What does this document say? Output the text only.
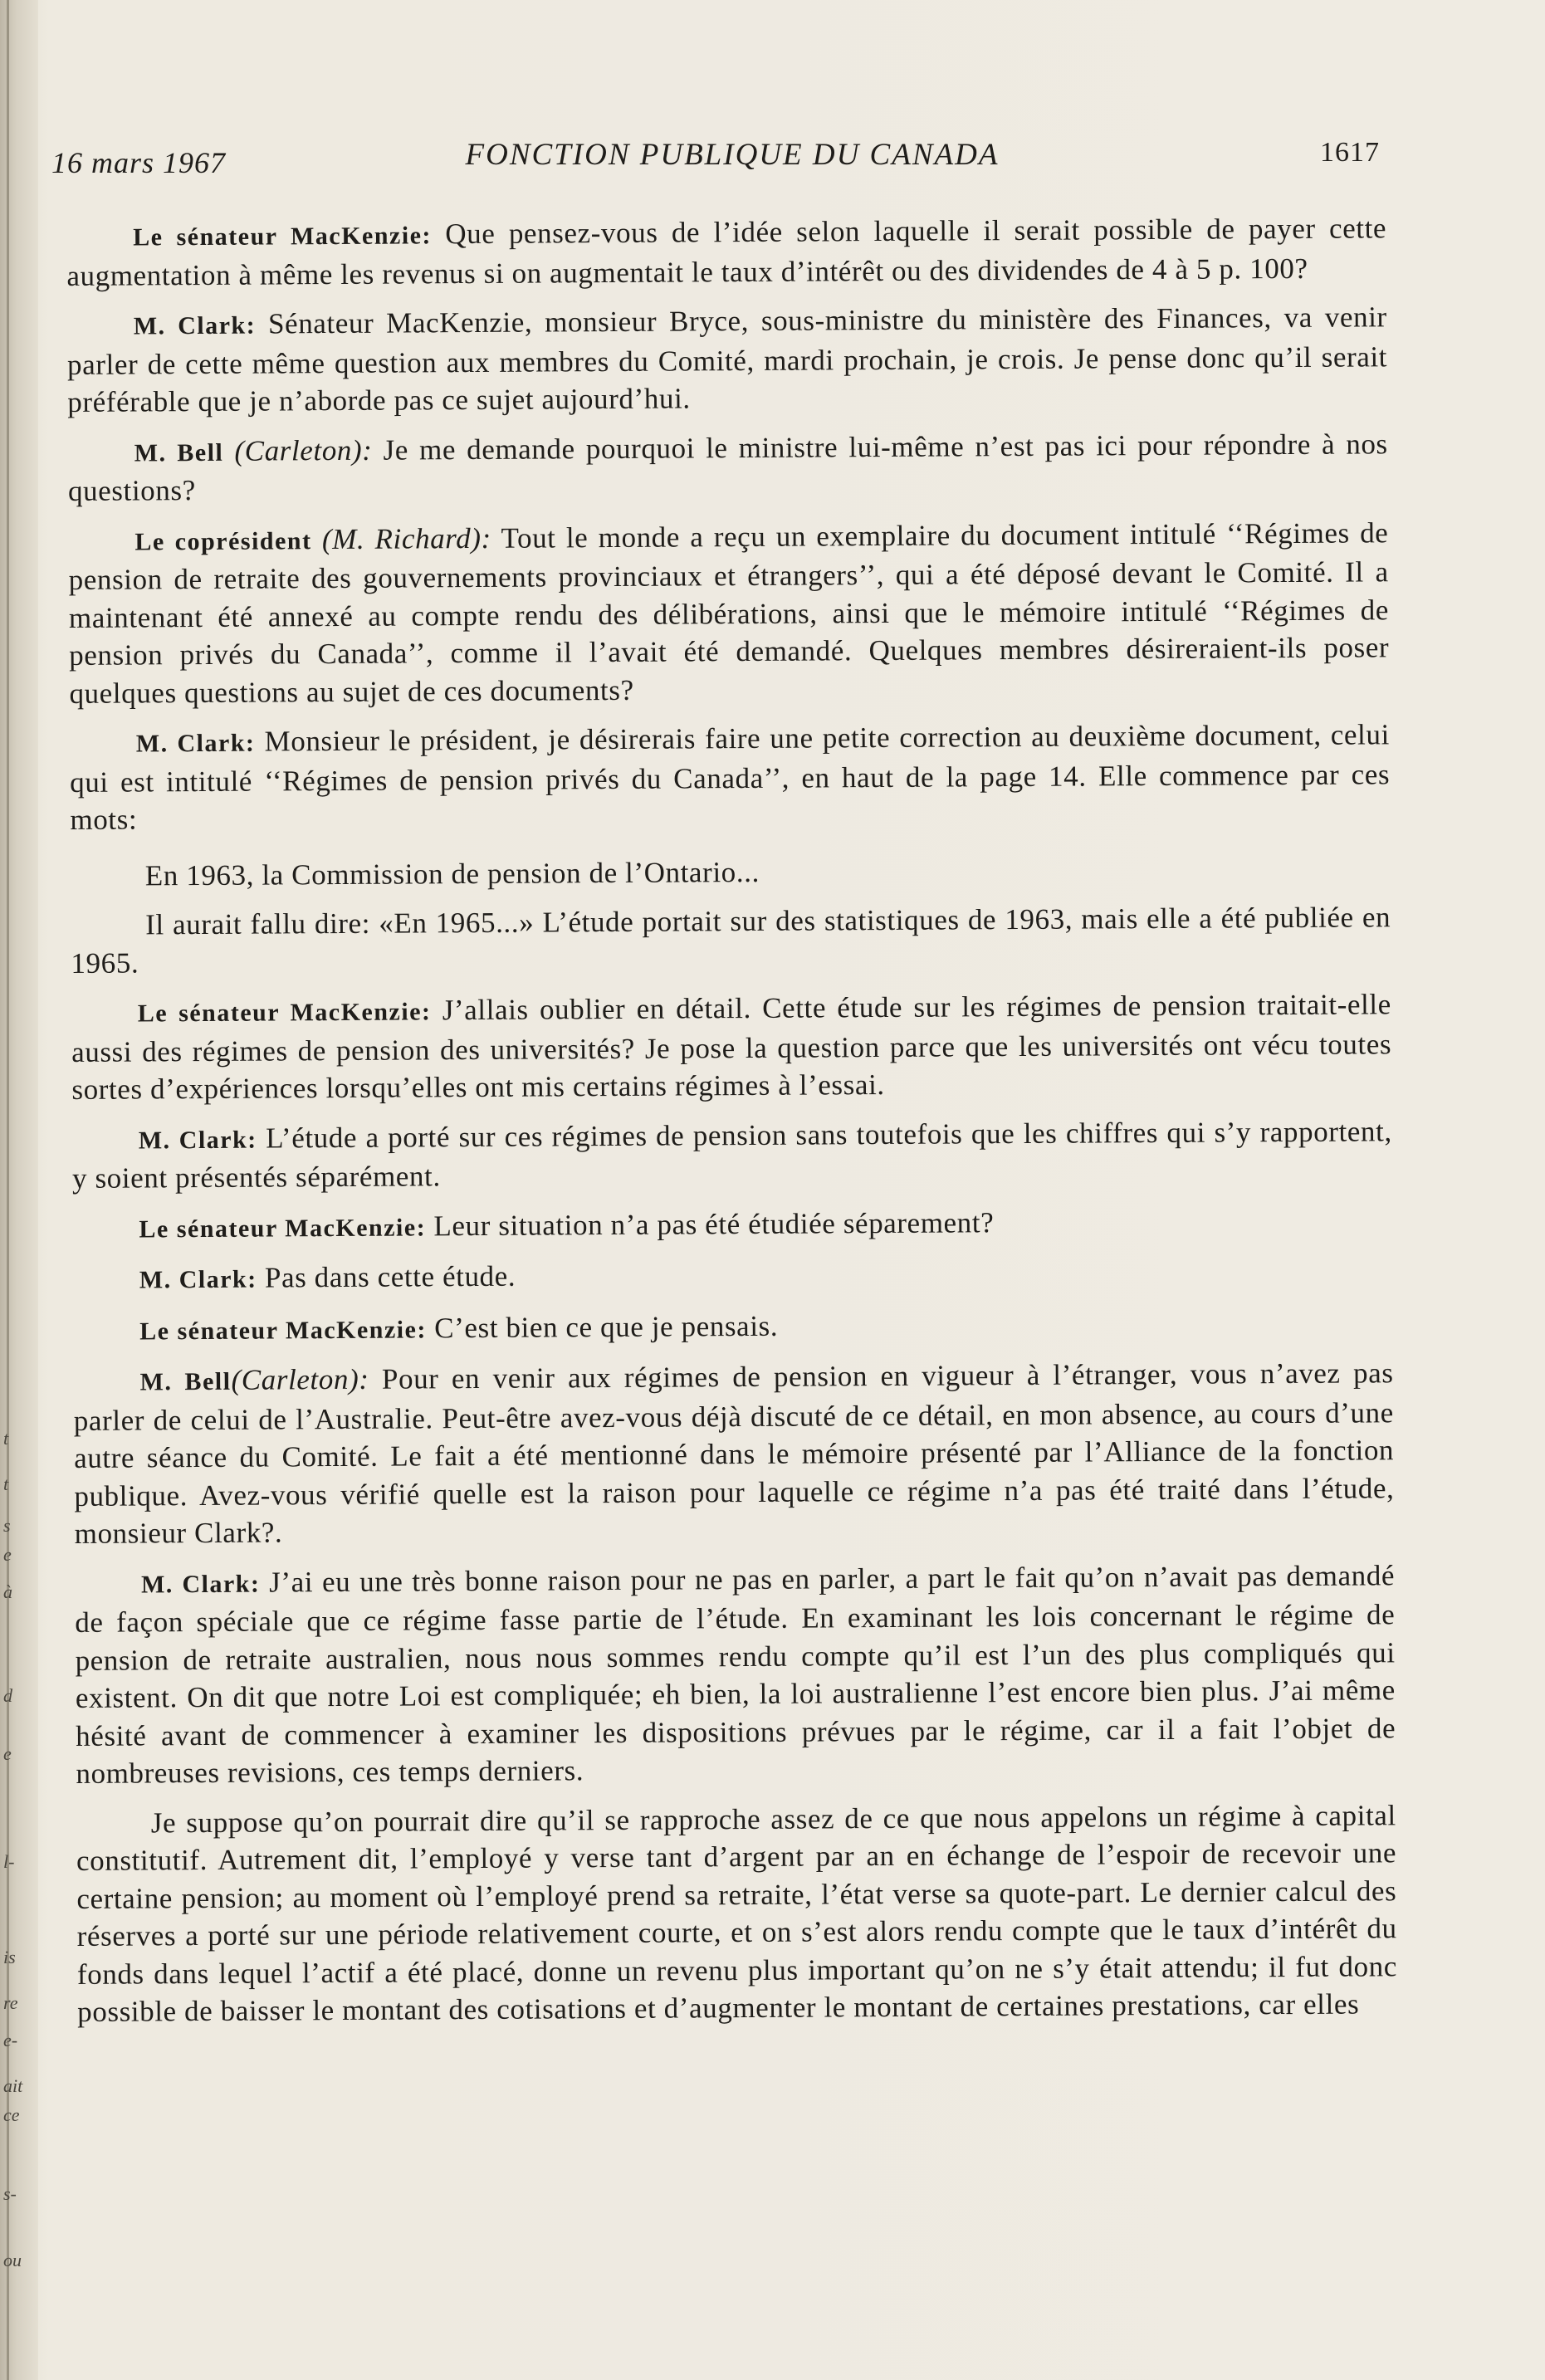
t
t
s
e
à
d
e
l-
is
re
e-
ait
ce
s-
ou
16 mars 1967	FONCTION PUBLIQUE DU CANADA	1617

Le sénateur MacKenzie: Que pensez-vous de l’idée selon laquelle il serait possible de payer cette augmentation à même les revenus si on augmentait le taux d’intérêt ou des dividendes de 4 à 5 p. 100?

M. Clark: Sénateur MacKenzie, monsieur Bryce, sous-ministre du ministère des Finances, va venir parler de cette même question aux membres du Comité, mardi prochain, je crois. Je pense donc qu’il serait préférable que je n’aborde pas ce sujet aujourd’hui.

M. Bell (Carleton): Je me demande pourquoi le ministre lui-même n’est pas ici pour répondre à nos questions?

Le coprésident (M. Richard): Tout le monde a reçu un exemplaire du document intitulé ‘‘Régimes de pension de retraite des gouvernements provinciaux et étrangers’’, qui a été déposé devant le Comité. Il a maintenant été annexé au compte rendu des délibérations, ainsi que le mémoire intitulé ‘‘Régimes de pension privés du Canada’’, comme il l’avait été demandé. Quelques membres désireraient-ils poser quelques questions au sujet de ces documents?

M. Clark: Monsieur le président, je désirerais faire une petite correction au deuxième document, celui qui est intitulé ‘‘Régimes de pension privés du Canada’’, en haut de la page 14. Elle commence par ces mots:

En 1963, la Commission de pension de l’Ontario...

Il aurait fallu dire: «En 1965...» L’étude portait sur des statistiques de 1963, mais elle a été publiée en 1965.

Le sénateur MacKenzie: J’allais oublier en détail. Cette étude sur les régimes de pension traitait-elle aussi des régimes de pension des universités? Je pose la question parce que les universités ont vécu toutes sortes d’expériences lorsqu’elles ont mis certains régimes à l’essai.

M. Clark: L’étude a porté sur ces régimes de pension sans toutefois que les chiffres qui s’y rapportent, y soient présentés séparément.

Le sénateur MacKenzie: Leur situation n’a pas été étudiée séparement?

M. Clark: Pas dans cette étude.

Le sénateur MacKenzie: C’est bien ce que je pensais.

M. Bell(Carleton): Pour en venir aux régimes de pension en vigueur à l’étranger, vous n’avez pas parler de celui de l’Australie. Peut-être avez-vous déjà discuté de ce détail, en mon absence, au cours d’une autre séance du Comité. Le fait a été mentionné dans le mémoire présenté par l’Alliance de la fonction publique. Avez-vous vérifié quelle est la raison pour laquelle ce régime n’a pas été traité dans l’étude, monsieur Clark?.

M. Clark: J’ai eu une très bonne raison pour ne pas en parler, a part le fait qu’on n’avait pas demandé de façon spéciale que ce régime fasse partie de l’étude. En examinant les lois concernant le régime de pension de retraite australien, nous nous sommes rendu compte qu’il est l’un des plus compliqués qui existent. On dit que notre Loi est compliquée; eh bien, la loi australienne l’est encore bien plus. J’ai même hésité avant de commencer à examiner les dispositions prévues par le régime, car il a fait l’objet de nombreuses revisions, ces temps derniers.

Je suppose qu’on pourrait dire qu’il se rapproche assez de ce que nous appelons un régime à capital constitutif. Autrement dit, l’employé y verse tant d’argent par an en échange de l’espoir de recevoir une certaine pension; au moment où l’employé prend sa retraite, l’état verse sa quote-part. Le dernier calcul des réserves a porté sur une période relativement courte, et on s’est alors rendu compte que le taux d’intérêt du fonds dans lequel l’actif a été placé, donne un revenu plus important qu’on ne s’y était attendu; il fut donc possible de baisser le montant des cotisations et d’augmenter le montant de certaines prestations, car elles
